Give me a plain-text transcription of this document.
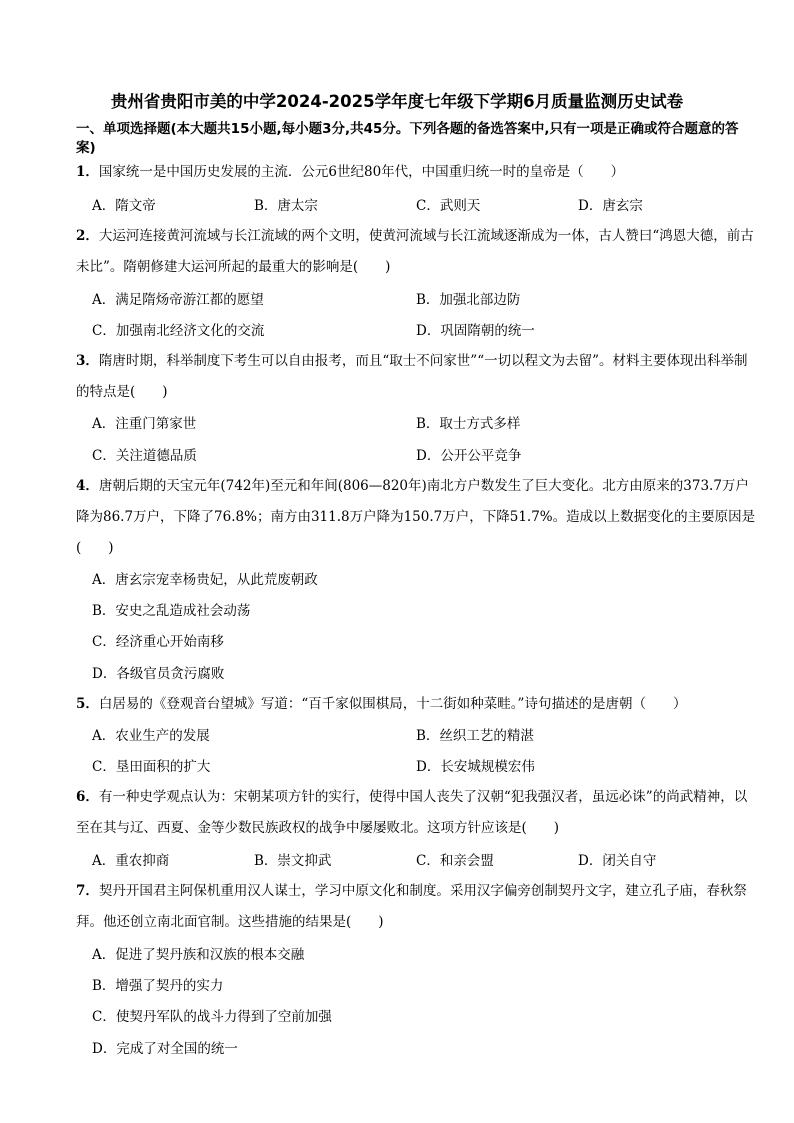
贵州省贵阳市美的中学2024-2025学年度七年级下学期6月质量监测历史试卷
一、单项选择题(本大题共15小题,每小题3分,共45分。下列各题的备选答案中,只有一项是正确或符合题意的答案)
1．国家统一是中国历史发展的主流．公元6世纪80年代，中国重归统一时的皇帝是（　　）
A．隋文帝	B．唐太宗	C．武则天	D．唐玄宗
2．大运河连接黄河流域与长江流域的两个文明，使黄河流域与长江流域逐渐成为一体，古人赞曰“鸿恩大德，前古未比”。隋朝修建大运河所起的最重大的影响是(　　)
A．满足隋炀帝游江都的愿望	B．加强北部边防
C．加强南北经济文化的交流	D．巩固隋朝的统一
3．隋唐时期，科举制度下考生可以自由报考，而且“取士不问家世”“一切以程文为去留”。材料主要体现出科举制的特点是(　　)
A．注重门第家世	B．取士方式多样
C．关注道德品质	D．公开公平竞争
4．唐朝后期的天宝元年(742年)至元和年间(806—820年)南北方户数发生了巨大变化。北方由原来的373.7万户降为86.7万户，下降了76.8%；南方由311.8万户降为150.7万户，下降51.7%。造成以上数据变化的主要原因是(　　)
A．唐玄宗宠幸杨贵妃，从此荒废朝政
B．安史之乱造成社会动荡
C．经济重心开始南移
D．各级官员贪污腐败
5．白居易的《登观音台望城》写道：“百千家似围棋局，十二街如种菜畦。”诗句描述的是唐朝（　　）
A．农业生产的发展	B．丝织工艺的精湛
C．垦田面积的扩大	D．长安城规模宏伟
6．有一种史学观点认为：宋朝某项方针的实行，使得中国人丧失了汉朝“犯我强汉者，虽远必诛”的尚武精神，以至在其与辽、西夏、金等少数民族政权的战争中屡屡败北。这项方针应该是(　　)
A．重农抑商	B．崇文抑武	C．和亲会盟	D．闭关自守
7．契丹开国君主阿保机重用汉人谋士，学习中原文化和制度。采用汉字偏旁创制契丹文字，建立孔子庙，春秋祭拜。他还创立南北面官制。这些措施的结果是(　　)
A．促进了契丹族和汉族的根本交融
B．增强了契丹的实力
C．使契丹军队的战斗力得到了空前加强
D．完成了对全国的统一
